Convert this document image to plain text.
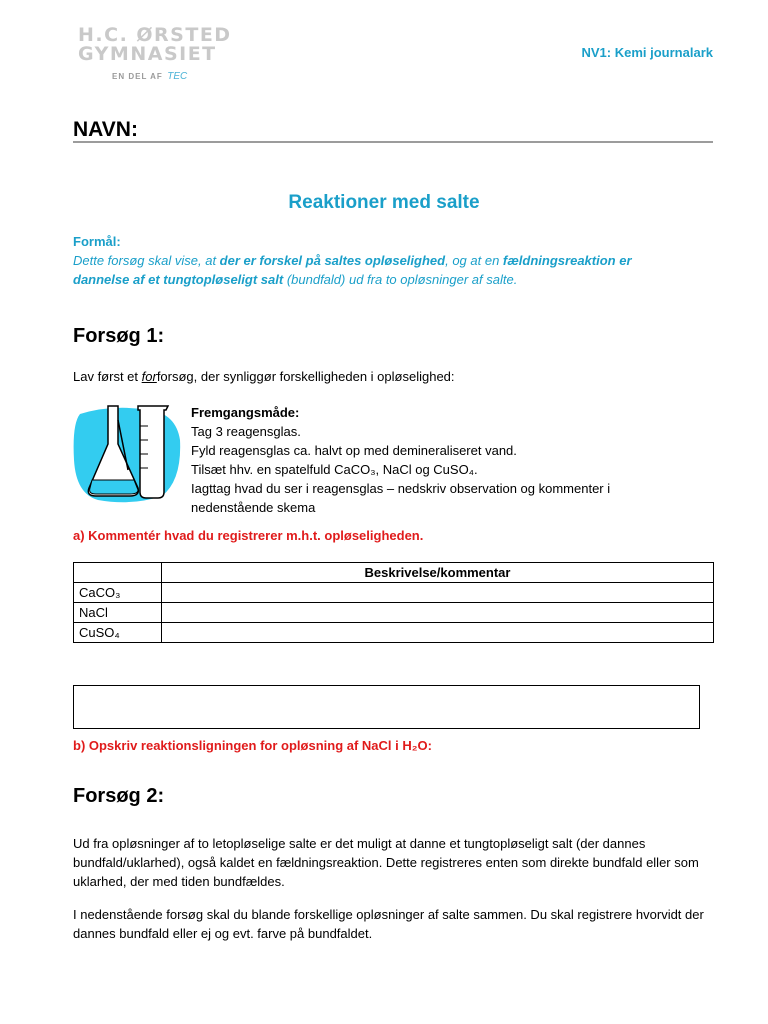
H.C. ØRSTED
GYMNASIET
EN DEL AF TEC
NV1: Kemi journalark
NAVN:
Reaktioner med salte
Formål:
Dette forsøg skal vise, at der er forskel på saltes opløselighed, og at en fældningsreaktion er dannelse af et tungtopløseligt salt (bundfald) ud fra to opløsninger af salte.
Forsøg 1:
Lav først et forforsøg, der synliggør forskelligheden i opløselighed:
Fremgangsmåde:
Tag 3 reagensglas.
Fyld reagensglas ca. halvt op med demineraliseret vand.
Tilsæt hhv. en spatelfuld CaCO₃, NaCl og CuSO₄.
Iagttag hvad du ser i reagensglas – nedskriv observation og kommenter i
nedenstående skema
a) Kommentér hvad du registrerer m.h.t. opløseligheden.
	Beskrivelse/kommentar
CaCO₃	
NaCl	
CuSO₄	
b) Opskriv reaktionsligningen for opløsning af NaCl i H₂O:
Forsøg 2:
Ud fra opløsninger af to letopløselige salte er det muligt at danne et tungtopløseligt salt (der dannes bundfald/uklarhed), også kaldet en fældningsreaktion. Dette registreres enten som direkte bundfald eller som uklarhed, der med tiden bundfældes.
I nedenstående forsøg skal du blande forskellige opløsninger af salte sammen. Du skal registrere hvorvidt der dannes bundfald eller ej og evt. farve på bundfaldet.
